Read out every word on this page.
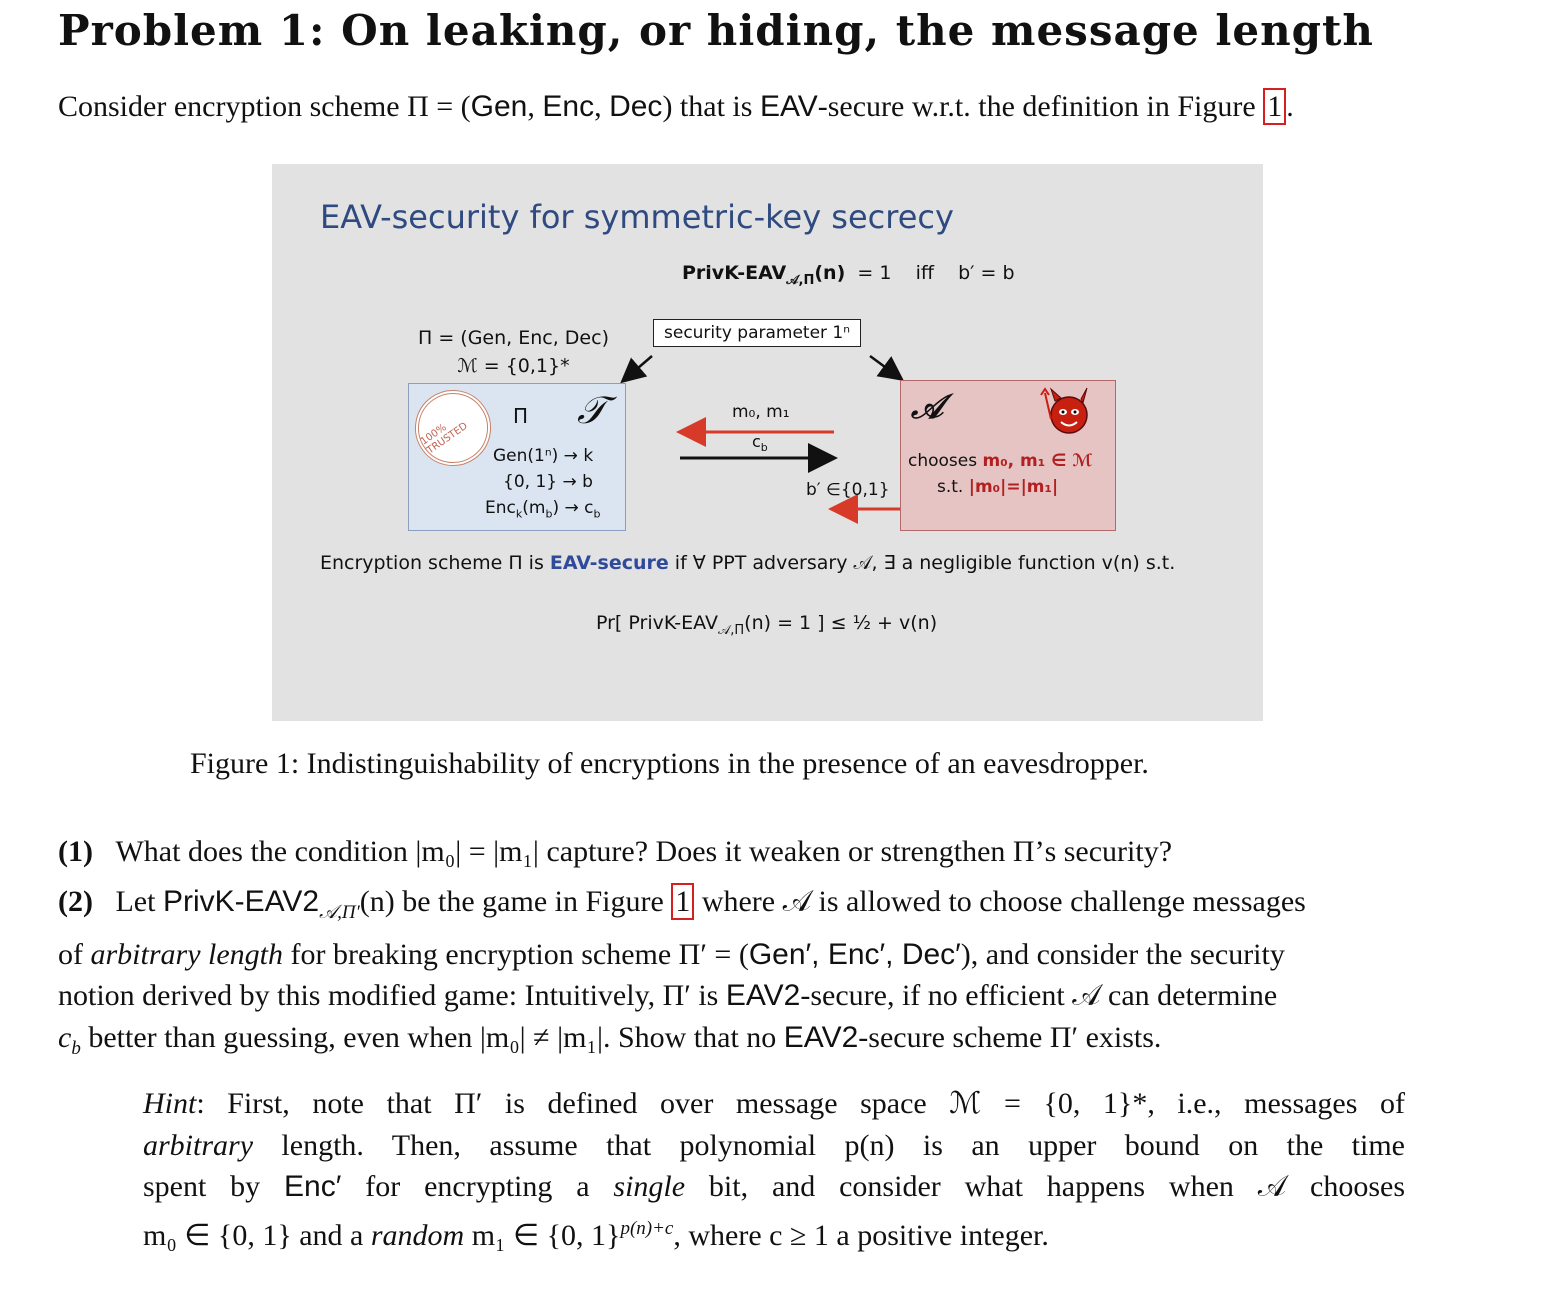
Problem 1: On leaking, or hiding, the message length
Consider encryption scheme Π = (Gen, Enc, Dec) that is EAV-secure w.r.t. the definition in Figure 1 .
EAV-security for symmetric-key secrecy
PrivK-$EAV_{𝒜,\Pi}(n) = 1$    iff    b′ = b
Π = (Gen, Enc, Dec)
ℳ = {0,1}*
security parameter 1ⁿ
100% TRUSTED
Π 𝒯
Gen(1ⁿ) → k
{0, 1} → b
$Enc_k(m_b) \to c_b$
m₀, m₁
$c_b$
b′ ∈{0,1}
𝒜
chooses m₀, m₁ ∈ ℳ
s.t. |m₀|=|m₁|
Encryption scheme Π is EAV-secure if ∀ PPT adversary 𝒜, ∃ a negligible function v(n) s.t.
Pr[ PrivK-$EAV_{𝒜,\Pi}(n) = 1$ ] ≤ ½ + v(n)
Figure 1: Indistinguishability of encryptions in the presence of an eavesdropper.
(1) What does the condition |m₀| = |m₁| capture? Does it weaken or strengthen Π’s security?
(2) Let PrivK-$EAV2_{𝒜,\Pi'}(n)$ be the game in Figure 1 where 𝒜 is allowed to choose challenge messages
of arbitrary length for breaking encryption scheme Π′ = (Gen′, Enc′, Dec′), and consider the security
notion derived by this modified game: Intuitively, Π′ is EAV2-secure, if no efficient 𝒜 can determine
$c_b$ better than guessing, even when |m₀| ≠ |m₁|. Show that no EAV2-secure scheme Π′ exists.
Hint: First, note that Π′ is defined over message space ℳ = {0, 1}*, i.e., messages of
arbitrary length. Then, assume that polynomial p(n) is an upper bound on the time
spent by Enc′ for encrypting a single bit, and consider what happens when 𝒜 chooses
m₀ ∈ {0, 1} and a random m₁ ∈ {0, 1}$^{p(n)+c}$, where c ≥ 1 a positive integer.
